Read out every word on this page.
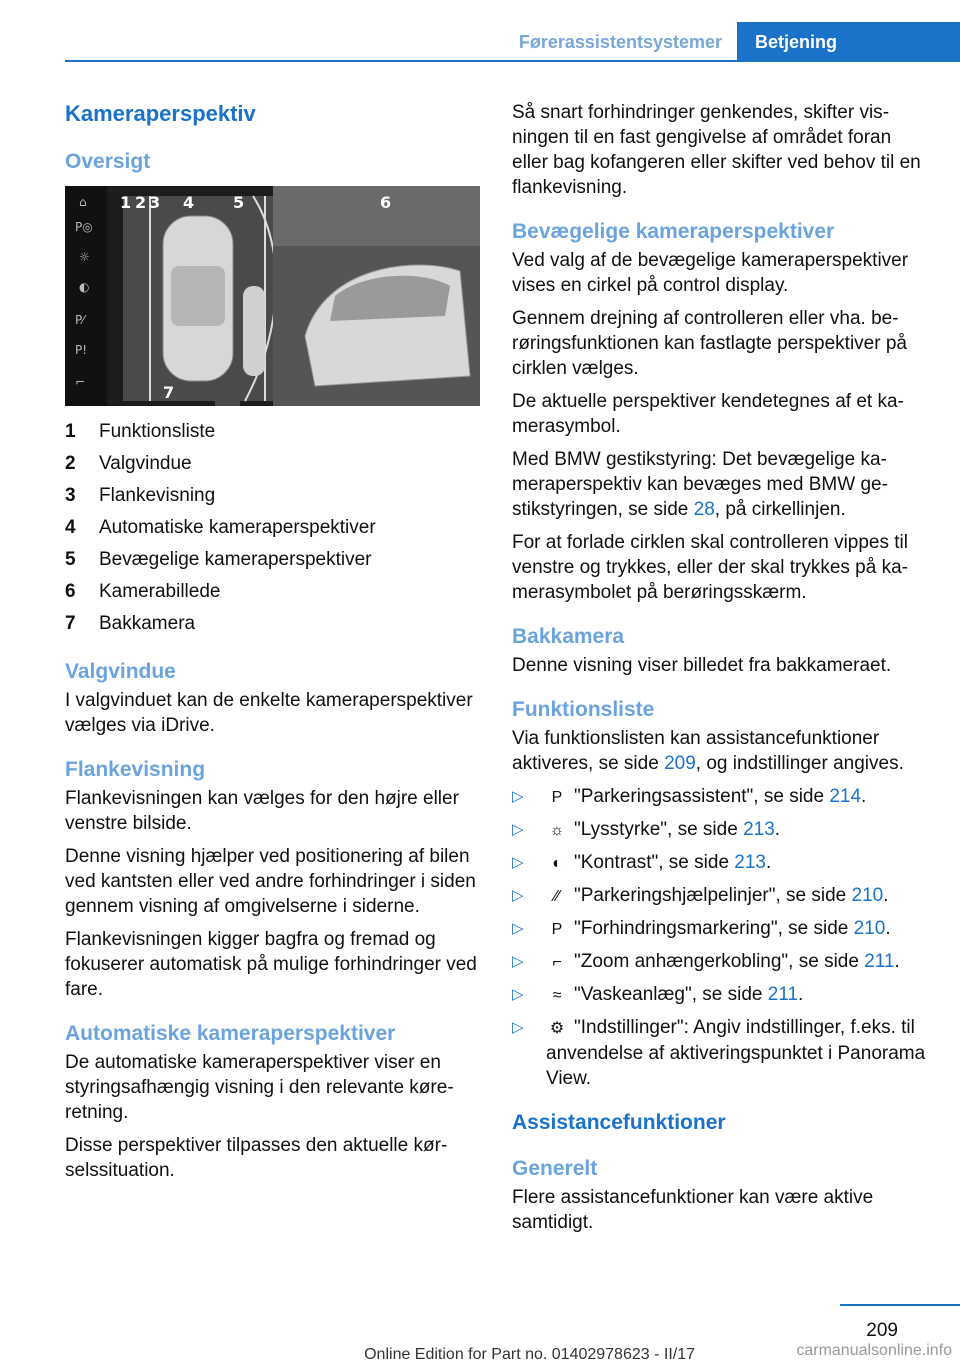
Førerassistentsystemer	Betjening
Kameraperspektiv
Oversigt
⌂
P◎
☼
◐
P⁄
P!
⌐
1 2 3 4 5	6
7
1	Funktionsliste
2	Valgvindue
3	Flankevisning
4	Automatiske kameraperspektiver
5	Bevægelige kameraperspektiver
6	Kamerabillede
7	Bakkamera
Valgvindue

I valgvinduet kan de enkelte kameraperspektiver vælges via iDrive.

Flankevisning

Flankevisningen kan vælges for den højre eller venstre bilside.

Denne visning hjælper ved positionering af bilen ved kantsten eller ved andre forhindringer i siden gennem visning af omgivelserne i siderne.

Flankevisningen kigger bagfra og fremad og fokuserer automatisk på mulige forhindringer ved fare.

Automatiske kameraperspektiver

De automatiske kameraperspektiver viser en styringsafhængig visning i den relevante køreretning.

Disse perspektiver tilpasses den aktuelle kørselssituation.

Så snart forhindringer genkendes, skifter visningen til en fast gengivelse af området foran eller bag kofangeren eller skifter ved behov til en flankevisning.

Bevægelige kameraperspektiver

Ved valg af de bevægelige kameraperspektiver vises en cirkel på control display.

Gennem drejning af controlleren eller vha. berøringsfunktionen kan fastlagte perspektiver på cirklen vælges.

De aktuelle perspektiver kendetegnes af et kamerasymbol.

Med BMW gestikstyring: Det bevægelige kameraperspektiv kan bevæges med BMW gestikstyringen, se side 28, på cirkellinjen.

For at forlade cirklen skal controlleren vippes til venstre og trykkes, eller der skal trykkes på kamerasymbolet på berøringsskærm.

Bakkamera

Denne visning viser billedet fra bakkameraet.

Funktionsliste

Via funktionslisten kan assistancefunktioner aktiveres, se side 209, og indstillinger angives.

▷	P "Parkeringsassistent", se side 214.
▷	☼ "Lysstyrke", se side 213.
▷	◐ "Kontrast", se side 213.
▷	⁄⁄ "Parkeringshjælpelinjer", se side 210.
▷	P "Forhindringsmarkering", se side 210.
▷	⌐ "Zoom anhængerkobling", se side 211.
▷	≈ "Vaskeanlæg", se side 211.
▷	⚙ "Indstillinger": Angiv indstillinger, f.eks. til anvendelse af aktiveringspunktet i Panorama View.
Assistancefunktioner
Generelt

Flere assistancefunktioner kan være aktive samtidigt.

209
Online Edition for Part no. 01402978623 - II/17	carmanualsonline.info
